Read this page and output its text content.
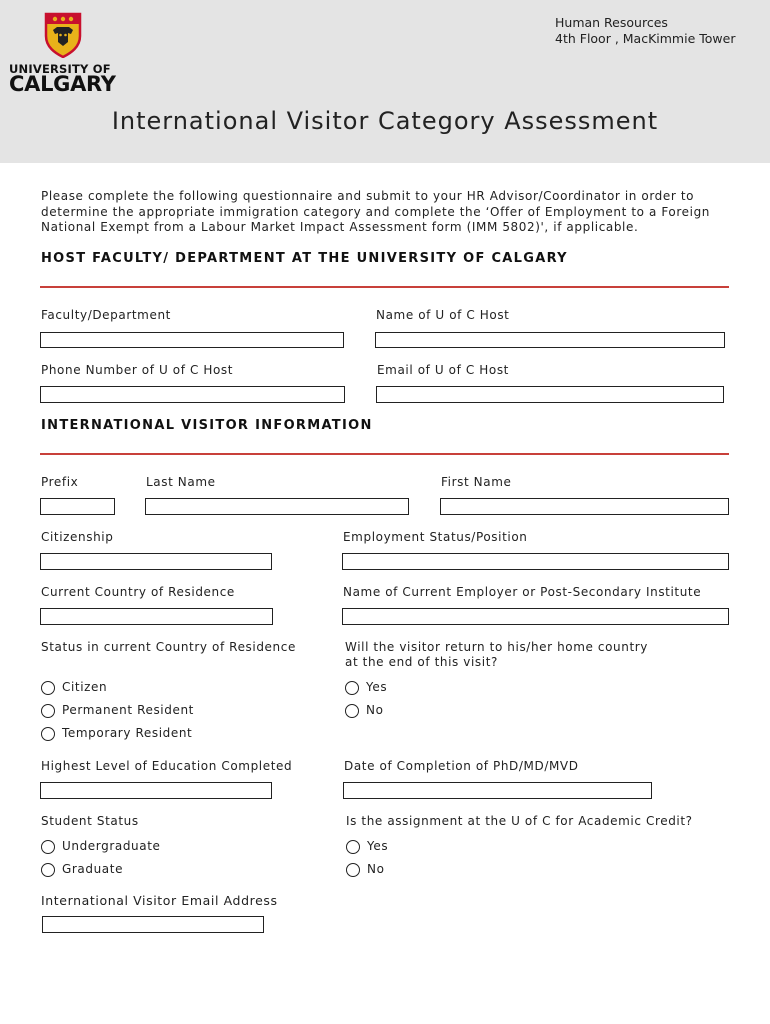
UNIVERSITY OF
CALGARY
Human Resources
4th Floor , MacKimmie Tower
International Visitor Category Assessment
Please complete the following questionnaire and submit to your HR Advisor/Coordinator in order to determine the appropriate immigration category and complete the ‘Offer of Employment to a Foreign National Exempt from a Labour Market Impact Assessment form (IMM 5802)', if applicable.
HOST FACULTY/ DEPARTMENT AT THE UNIVERSITY OF CALGARY
Faculty/Department	Name of U of C Host
Phone Number of U of C Host	Email of U of C Host
INTERNATIONAL VISITOR INFORMATION
Prefix	Last Name	First Name
Citizenship	Employment Status/Position
Current Country of Residence	Name of Current Employer or Post-Secondary Institute
Status in current Country of Residence	Will the visitor return to his/her home country
at the end of this visit?
Citizen
Permanent Resident
Temporary Resident
Yes
No
Highest Level of Education Completed	Date of Completion of PhD/MD/MVD
Student Status	Is the assignment at the U of C for Academic Credit?
Undergraduate
Graduate
Yes
No
International Visitor Email Address
